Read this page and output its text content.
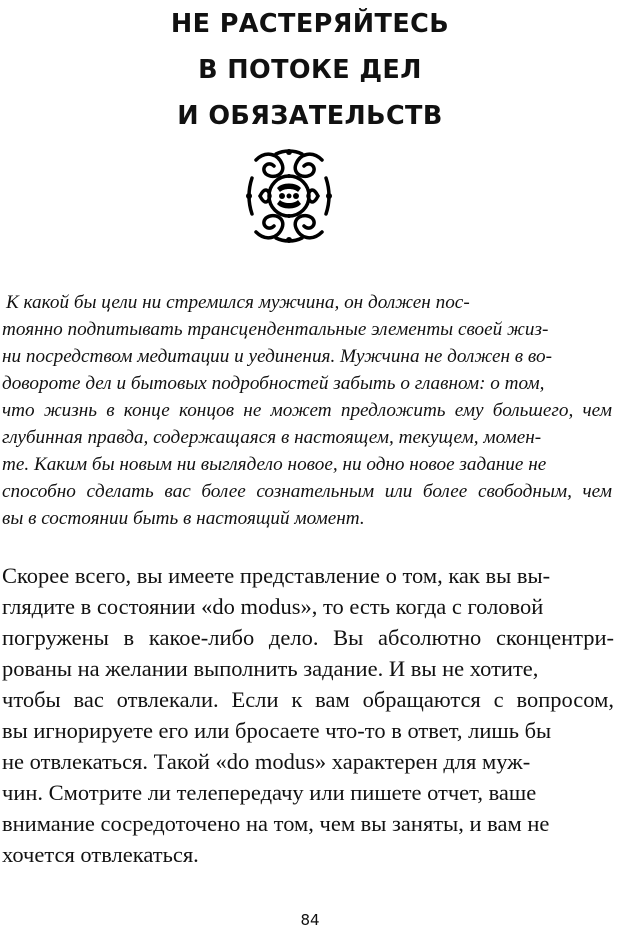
НЕ РАСТЕРЯЙТЕСЬ
В ПОТОКЕ ДЕЛ
И ОБЯЗАТЕЛЬСТВ
К какой бы цели ни стремился мужчина, он должен пос-
тоянно подпитывать трансцендентальные элементы своей жиз-
ни посредством медитации и уединения. Мужчина не должен в во-
довороте дел и бытовых подробностей забыть о главном: о том,
что жизнь в конце концов не может предложить ему большего, чем
глубинная правда, содержащаяся в настоящем, текущем, момен-
те. Каким бы новым ни выглядело новое, ни одно новое задание не
способно сделать вас более сознательным или более свободным, чем
вы в состоянии быть в настоящий момент.
Скорее всего, вы имеете представление о том, как вы вы-
глядите в состоянии «do modus», то есть когда с головой
погружены в какое-либо дело. Вы абсолютно сконцентри-
рованы на желании выполнить задание. И вы не хотите,
чтобы вас отвлекали. Если к вам обращаются с вопросом,
вы игнорируете его или бросаете что-то в ответ, лишь бы
не отвлекаться. Такой «do modus» характерен для муж-
чин. Смотрите ли телепередачу или пишете отчет, ваше
внимание сосредоточено на том, чем вы заняты, и вам не
хочется отвлекаться.
84
